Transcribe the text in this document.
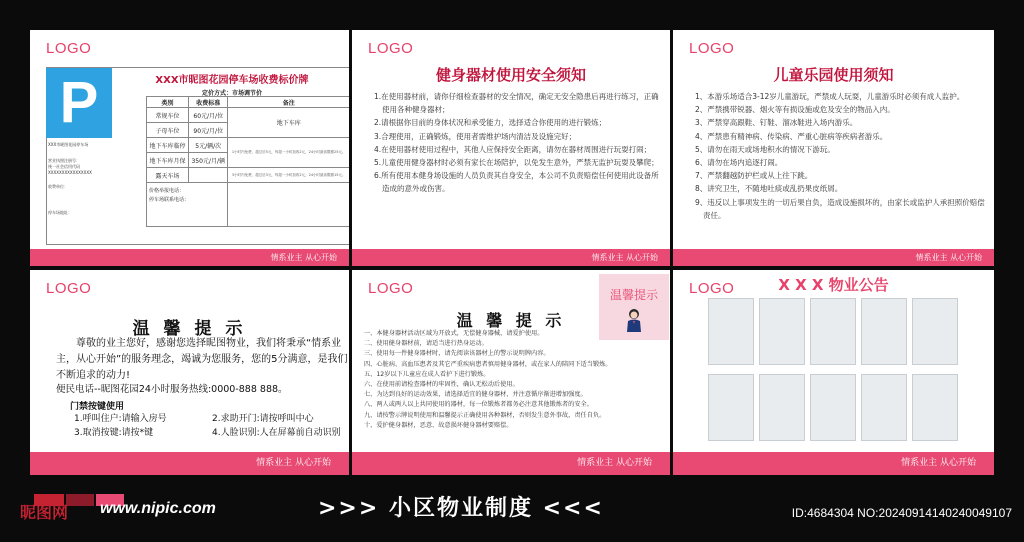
LOGO
P	XXX市昵图花园停车场收费标价牌
定价方式：市场调节价
类别	收费标准	备注
常规车位	60元/月/位	地下车库
子母车位	90元/月/位	
地下车库临停	5元/辆/次	1小时内免费，超过后5元，每超一小时加收2元，24小时最高限额25元。
地下车库月保	350元/月/辆	
露天车场		3小时内免费，超过后3元，每超一小时加收2元，24小时最高限额15元。

价格举报电话：
停车场联系电话：		

XXX市昵图花园停车场
营业执照注册号：
统一社会信用代码
XXXXXXXXXXXXXXXX
收费单位：
停车场地址：
情系业主 从心开始
LOGO
健身器材使用安全须知
1.在使用器材前，请你仔细检查器材的安全情况，确定无安全隐患后再进行练习，正确使用各种健身器材；
2.请根据你目前的身体状况和承受能力，选择适合你使用的进行锻炼；
3.合理使用，正确锻炼，使用者需维护场内清洁及设施完好；
4.在使用器材使用过程中，其他人应保持安全距离，请勿在器材周围进行玩耍打闹；
5.儿童使用健身器材时必须有家长在场陪护，以免发生意外，严禁无监护玩耍及攀爬；
6.所有使用本健身场设施的人员负责其自身安全，本公司不负责赔偿任何使用此设备所造成的意外或伤害。
情系业主 从心开始
LOGO
儿童乐园使用须知
1、本游乐场适合3-12岁儿童游玩，严禁成人玩耍，儿童游乐时必须有成人监护。
2、严禁携带锐器、烟火等有损设施或危及安全的物品入内。
3、严禁穿高跟鞋、钉鞋、溜冰鞋进入场内游乐。
4、严禁患有精神病、传染病、严重心脏病等疾病者游乐。
5、请勿在雨天或场地积水的情况下游玩。
6、请勿在场内追逐打闹。
7、严禁翻越防护栏或从上往下跳。
8、讲究卫生，不随地吐痰或乱扔果皮纸屑。
9、违反以上事项发生的一切后果自负，造成设施损坏的，由家长或监护人承担照价赔偿责任。
情系业主 从心开始
LOGO
温 馨 提 示
尊敬的业主您好，感谢您选择昵图物业，我们将秉承“情系业主，从心开始”的服务理念，竭诚为您服务，您的5分满意，是我们不断追求的动力!
便民电话--昵图花园24小时服务热线:0000-888 888。
门禁按键使用
1.呼叫住户:请输入房号	2.求助开门:请按呼叫中心 3.取消按键:请按*键	4.人脸识别:人在屏幕前自动识别
情系业主 从心开始
LOGO	温馨提示
温 馨 提 示
一、本健身器材活动区域为开放式，无偿健身器械，请爱护使用。
二、使用健身器材前，请适当进行热身运动。
三、使用每一件健身器材时，请先阅读该器材上的警示说明牌内容。
四、心脏病、高血压患者及其它严重疾病患者慎用健身器材，或在家人的陪同下适当锻炼。
五、12岁以下儿童应在成人看护下进行锻炼。
六、在使用前请检查器材的牢固性，确认无松动后使用。
七、为达到良好的运动效果，请选择适宜的健身器材，并注意循序渐进增加强度。
八、两人或两人以上共同使用的器材，每一位锻炼者都务必注意其他锻炼者的安全。
九、请按警示牌说明使用和温馨提示正确使用各种器材，否则发生意外事故，责任自负。
十、爱护健身器材，恶意、故意损坏健身器材要赔偿。
情系业主 从心开始
LOGO	X X X 物业公告
情系业主 从心开始
昵图网 www.nipic.com	>>> 小区物业制度 <<<	ID:4684304 NO:20240914140240049107
